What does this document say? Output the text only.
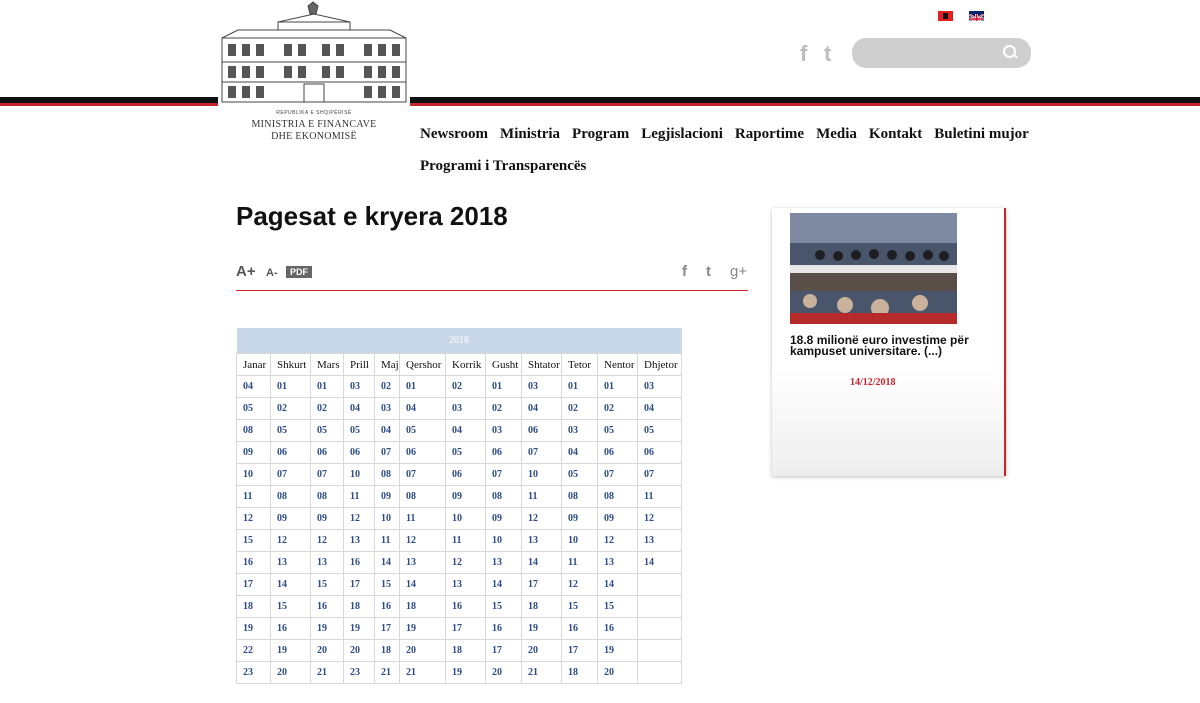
REPUBLIKA E SHQIPËRISË
MINISTRIA E FINANCAVE
DHE EKONOMISË
f t
Newsroom Ministria Program Legjislacioni Raportime Media Kontakt Buletini mujor
Programi i Transparencës
Pagesat e kryera 2018
A+ A-	PDF	f t g+
2018											
Janar	Shkurt	Mars	Prill	Maj	Qershor	Korrik	Gusht	Shtator	Tetor	Nentor	Dhjetor
04	01	01	03	02	01	02	01	03	01	01	03
05	02	02	04	03	04	03	02	04	02	02	04
08	05	05	05	04	05	04	03	06	03	05	05
09	06	06	06	07	06	05	06	07	04	06	06
10	07	07	10	08	07	06	07	10	05	07	07
11	08	08	11	09	08	09	08	11	08	08	11
12	09	09	12	10	11	10	09	12	09	09	12
15	12	12	13	11	12	11	10	13	10	12	13
16	13	13	16	14	13	12	13	14	11	13	14
17	14	15	17	15	14	13	14	17	12	14	
18	15	16	18	16	18	16	15	18	15	15	
19	16	19	19	17	19	17	16	19	16	16	
22	19	20	20	18	20	18	17	20	17	19	
23	20	21	23	21	21	19	20	21	18	20	
18.8 milionë euro investime për kampuset universitare. (...)
14/12/2018
